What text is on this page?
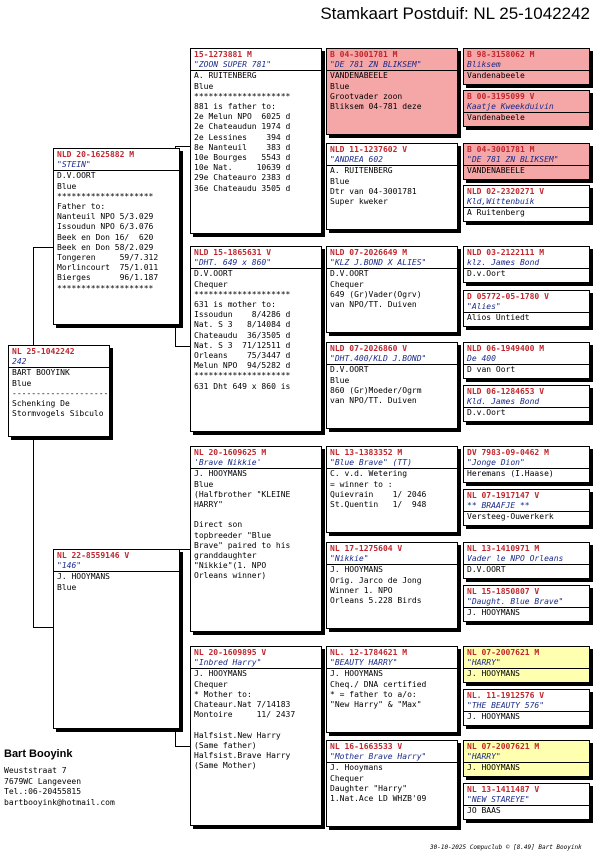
Stamkaart Postduif: NL 25-1042242
NL 25-1042242
242
BART BOOYINK
Blue
--------------------
Schenking De
Stormvogels Sibculo
NLD 20-1625882 M
"STEIN"
D.V.OORT
Blue
********************
Father to:
Nanteuil NPO 5/3.029
Issoudun NPO 6/3.076
Beek en Don 16/  620
Beek en Don 58/2.029
Tongeren     59/7.312
Morlincourt  75/1.011
Bierges      96/1.187
********************
NL 22-8559146 V
"146"
J. HOOYMANS
Blue
15-1273881 M
"ZOON SUPER 781"
A. RUITENBERG
Blue
********************
881 is father to:
2e Melun NPO  6025 d
2e Chateaudun 1974 d
2e Lessines    394 d
8e Nanteuil    383 d
10e Bourges   5543 d
10e Nat.     10639 d
29e Chateauro 2383 d
36e Chateaudu 3505 d
NLD 15-1865631 V
"DHT. 649 x 860"
D.V.OORT
Chequer
********************
631 is mother to:
Issoudun    8/4286 d
Nat. S 3   8/14084 d
Chateaudu  36/3505 d
Nat. S 3  71/12511 d
Orleans    75/3447 d
Melun NPO  94/5282 d
********************
631 Dht 649 x 860 is
NL 20-1609625 M
'Brave Nikkie'
J. HOOYMANS
Blue
(Halfbrother "KLEINE
HARRY"

Direct son
topbreeder "Blue
Brave" paired to his
granddaughter
"Nikkie"(1. NPO
Orleans winner)
NL 20-1609895 V
"Inbred Harry"
J. HOOYMANS
Chequer
* Mother to:
Chateaur.Nat 7/14183
Montoire     11/ 2437

Halfsist.New Harry
(Same father)
Halfsist.Brave Harry
(Same Mother)
B 04-3001781 M
"DE 781 ZN BLIKSEM"
VANDENABEELE
Blue
Grootvader zoon
Bliksem 04-781 deze
NLD 11-1237602 V
"ANDREA 602
A. RUITENBERG
Blue
Dtr van 04-3001781
Super kweker
NLD 07-2026649 M
"KLZ J.BOND X ALIES"
D.V.OORT
Chequer
649 (Gr)Vader(Ogrv)
van NPO/TT. Duiven
NLD 07-2026860 V
"DHT.400/KLD J.BOND"
D.V.OORT
Blue
860 (Gr)Moeder/Ogrm
van NPO/TT. Duiven
NL 13-1383352 M
"Blue Brave" (TT)
C. v.d. Wetering
= winner to :
Quievrain    1/ 2046
St.Quentin   1/  948
NL 17-1275604 V
"Nikkie"
J. HOOYMANS
Orig. Jarco de Jong
Winner 1. NPO
Orleans 5.228 Birds
NL. 12-1784621 M
"BEAUTY HARRY"
J. HOOYMANS
Cheq./ DNA certified
* = father to a/o:
"New Harry" & "Max"
NL 16-1663533 V
"Mother Brave Harry"
J. Hooymans
Chequer
Daughter "Harry"
1.Nat.Ace LD WHZB'09
B 98-3158062 M
Bliksem
Vandenabeele
B 00-3195099 V
Kaatje Kweekduivin
Vandenabeele
B 04-3001781 M
"DE 781 ZN BLIKSEM"
VANDENABEELE
NLD 02-2320271 V
Kld,Wittenbuik
A Ruitenberg
NLD 03-2122111 M
klz. James Bond
D.v.Oort
D 05772-05-1780 V
"Alies"
Alios Untiedt
NLD 06-1949400 M
De 400
D van Oort
NLD 06-1284653 V
Kld. James Bond
D.v.Oort
DV 7983-09-0462 M
"Jonge Dion"
Heremans (I.Haase)
NL 07-1917147 V
** BRAAFJE **
Versteeg-Ouwerkerk
NL 13-1410971 M
Vader le NPO Orleans
D.V.OORT
NL 15-1850807 V
"Daught. Blue Brave"
J. HOOYMANS
NL 07-2007621 M
"HARRY"
J. HOOYMANS
NL. 11-1912576 V
"THE BEAUTY 576"
J. HOOYMANS
NL 07-2007621 M
"HARRY"
J. HOOYMANS
NL 13-1411487 V
"NEW STAREYE"
JO BAAS
Bart Booyink
Weuststraat 7
7679WC Langeveen
Tel.:06-20455815
bartbooyink@hotmail.com
30-10-2025 Compuclub © [8.49] Bart Booyink
